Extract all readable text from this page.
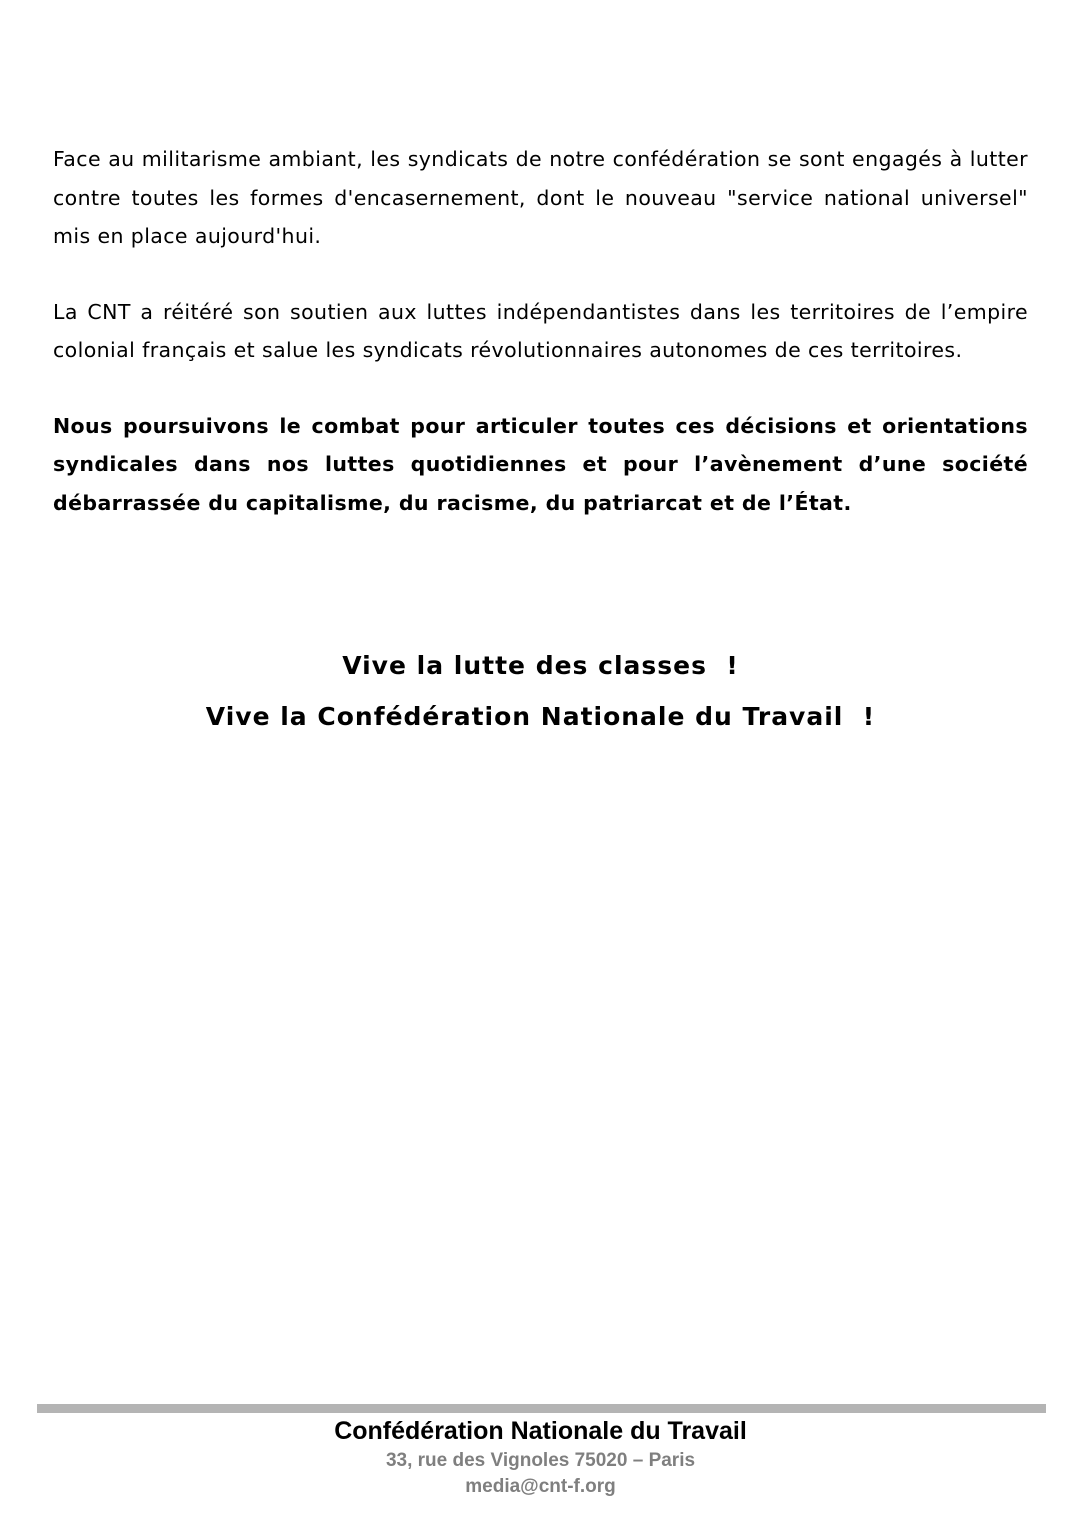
Face au militarisme ambiant, les syndicats de notre confédération se sont engagés à lutter contre toutes les formes d'encasernement, dont le nouveau "service national universel" mis en place aujourd'hui.

La CNT a réitéré son soutien aux luttes indépendantistes dans les territoires de l’empire colonial français et salue les syndicats révolutionnaires autonomes de ces territoires.

Nous poursuivons le combat pour articuler toutes ces décisions et orientations syndicales dans nos luttes quotidiennes et pour l’avènement d’une société débarrassée du capitalisme, du racisme, du patriarcat et de l’État.

Vive la lutte des classes  !

Vive la Confédération Nationale du Travail  !

Confédération Nationale du Travail

33, rue des Vignoles 75020 – Paris

media@cnt-f.org
